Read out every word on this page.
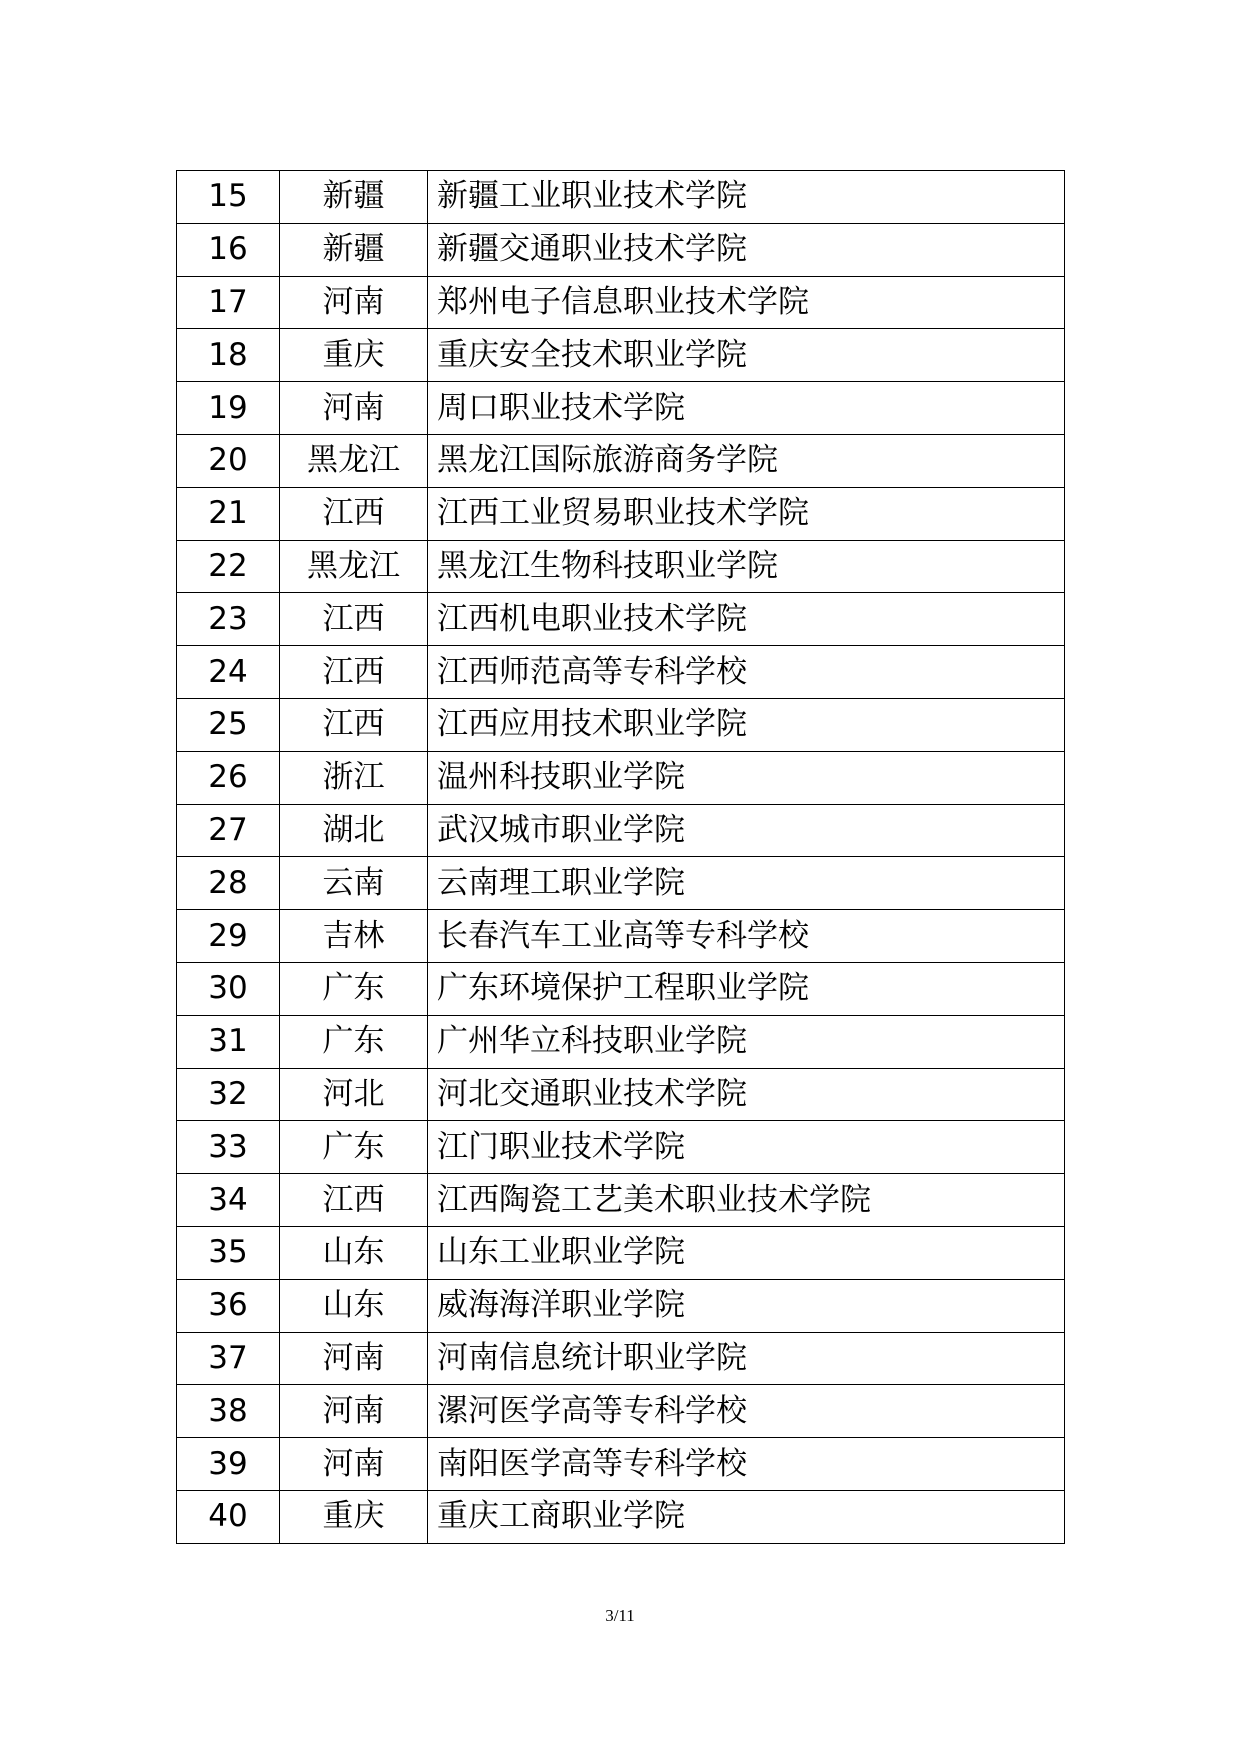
15	新疆	新疆工业职业技术学院
16	新疆	新疆交通职业技术学院
17	河南	郑州电子信息职业技术学院
18	重庆	重庆安全技术职业学院
19	河南	周口职业技术学院
20	黑龙江	黑龙江国际旅游商务学院
21	江西	江西工业贸易职业技术学院
22	黑龙江	黑龙江生物科技职业学院
23	江西	江西机电职业技术学院
24	江西	江西师范高等专科学校
25	江西	江西应用技术职业学院
26	浙江	温州科技职业学院
27	湖北	武汉城市职业学院
28	云南	云南理工职业学院
29	吉林	长春汽车工业高等专科学校
30	广东	广东环境保护工程职业学院
31	广东	广州华立科技职业学院
32	河北	河北交通职业技术学院
33	广东	江门职业技术学院
34	江西	江西陶瓷工艺美术职业技术学院
35	山东	山东工业职业学院
36	山东	威海海洋职业学院
37	河南	河南信息统计职业学院
38	河南	漯河医学高等专科学校
39	河南	南阳医学高等专科学校
40	重庆	重庆工商职业学院
3/11
